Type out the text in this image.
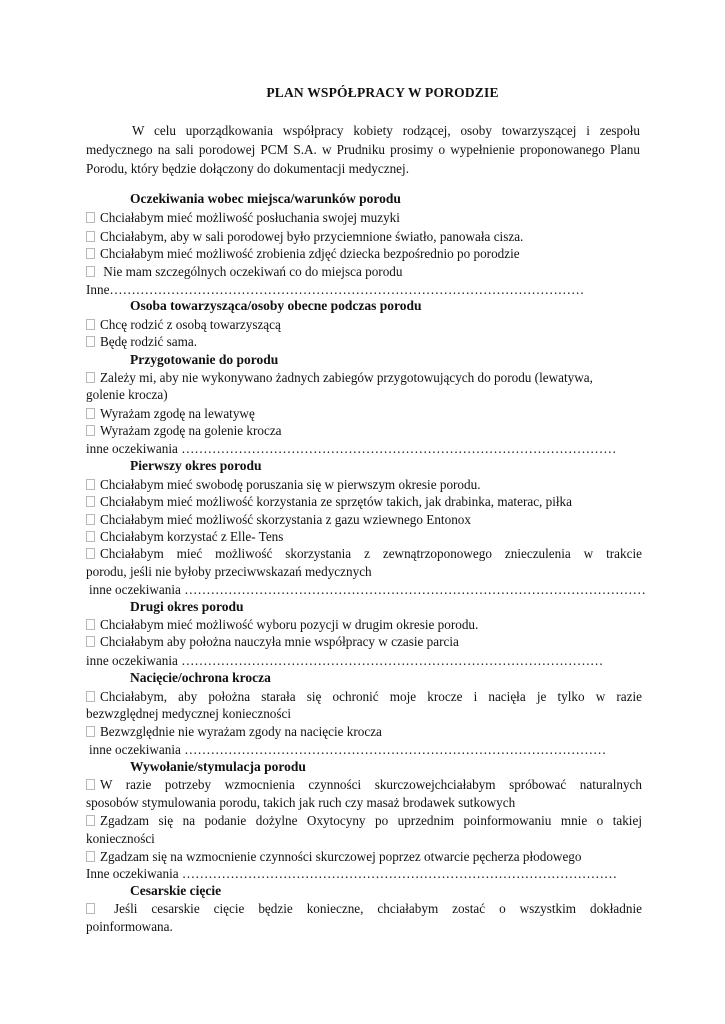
PLAN WSPÓŁPRACY W PORODZIE
W celu uporządkowania współpracy kobiety rodzącej, osoby towarzyszącej i zespołu medycznego na sali porodowej PCM S.A. w Prudniku prosimy o wypełnienie proponowanego Planu Porodu, który będzie dołączony do dokumentacji medycznej.
Oczekiwania wobec miejsca/warunków porodu
Chciałabym mieć możliwość posłuchania swojej muzyki
Chciałabym, aby w sali porodowej było przyciemnione światło, panowała cisza.
Chciałabym mieć możliwość zrobienia zdjęć dziecka bezpośrednio po porodzie
Nie mam szczególnych oczekiwań co do miejsca porodu
Inne………………………………………………………………………………………………
Osoba towarzysząca/osoby obecne podczas porodu
Chcę rodzić z osobą towarzyszącą
Będę rodzić sama.
Przygotowanie do porodu
Zależy mi, aby nie wykonywano żadnych zabiegów przygotowujących do porodu (lewatywa,
golenie krocza)
Wyrażam zgodę na lewatywę
Wyrażam zgodę na golenie krocza
inne oczekiwania ………………………………………………………………………………………
Pierwszy okres porodu
Chciałabym mieć swobodę poruszania się w pierwszym okresie porodu.
Chciałabym mieć możliwość korzystania ze sprzętów takich, jak drabinka, materac, piłka
Chciałabym mieć możliwość skorzystania z gazu wziewnego Entonox
Chciałabym korzystać z Elle- Tens
Chciałabym mieć możliwość skorzystania z zewnątrzoponowego znieczulenia w trakcie
porodu, jeśli nie byłoby przeciwwskazań medycznych
inne oczekiwania ……………………………………………………………………………………………
Drugi okres porodu
Chciałabym mieć możliwość wyboru pozycji w drugim okresie porodu.
Chciałabym aby położna nauczyła mnie współpracy w czasie parcia
inne oczekiwania ……………………………………………………………………………………
Nacięcie/ochrona krocza
Chciałabym, aby położna starała się ochronić moje krocze i nacięła je tylko w razie
bezwzględnej medycznej konieczności
Bezwzględnie nie wyrażam zgody na nacięcie krocza
inne oczekiwania ……………………………………………………………………………………
Wywołanie/stymulacja porodu
W razie potrzeby wzmocnienia czynności skurczowejchciałabym spróbować naturalnych
sposobów stymulowania porodu, takich jak ruch czy masaż brodawek sutkowych
Zgadzam się na podanie dożylne Oxytocyny po uprzednim poinformowaniu mnie o takiej
konieczności
Zgadzam się na wzmocnienie czynności skurczowej poprzez otwarcie pęcherza płodowego
Inne oczekiwania ………………………………………………………………………………………
Cesarskie cięcie
Jeśli cesarskie cięcie będzie konieczne, chciałabym zostać o wszystkim dokładnie
poinformowana.
